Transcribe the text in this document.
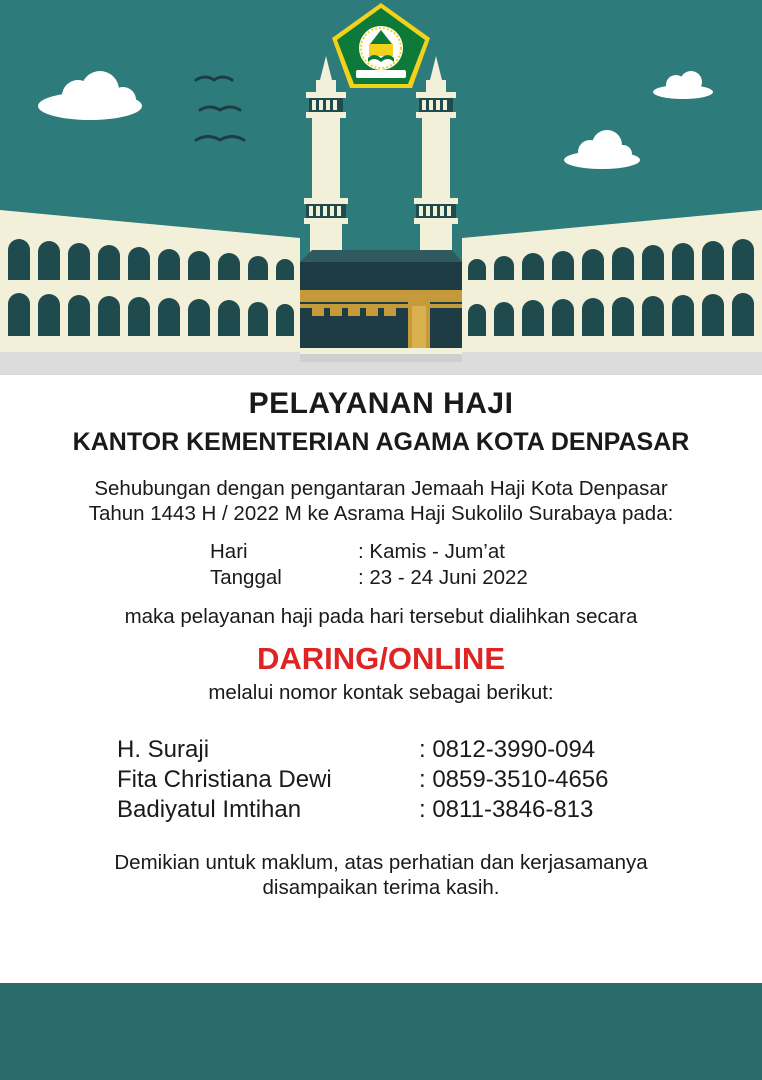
PELAYANAN HAJI
KANTOR KEMENTERIAN AGAMA KOTA DENPASAR
Sehubungan dengan pengantaran Jemaah Haji Kota Denpasar
Tahun 1443 H / 2022 M ke Asrama Haji Sukolilo Surabaya pada:
Hari	: Kamis - Jum’at
Tanggal	: 23 - 24 Juni 2022
maka pelayanan haji pada hari tersebut dialihkan secara
DARING/ONLINE
melalui nomor kontak sebagai berikut:
H. Suraji	: 0812-3990-094
Fita Christiana Dewi	: 0859-3510-4656
Badiyatul Imtihan	: 0811-3846-813
Demikian untuk maklum, atas perhatian dan kerjasamanya
disampaikan terima kasih.
